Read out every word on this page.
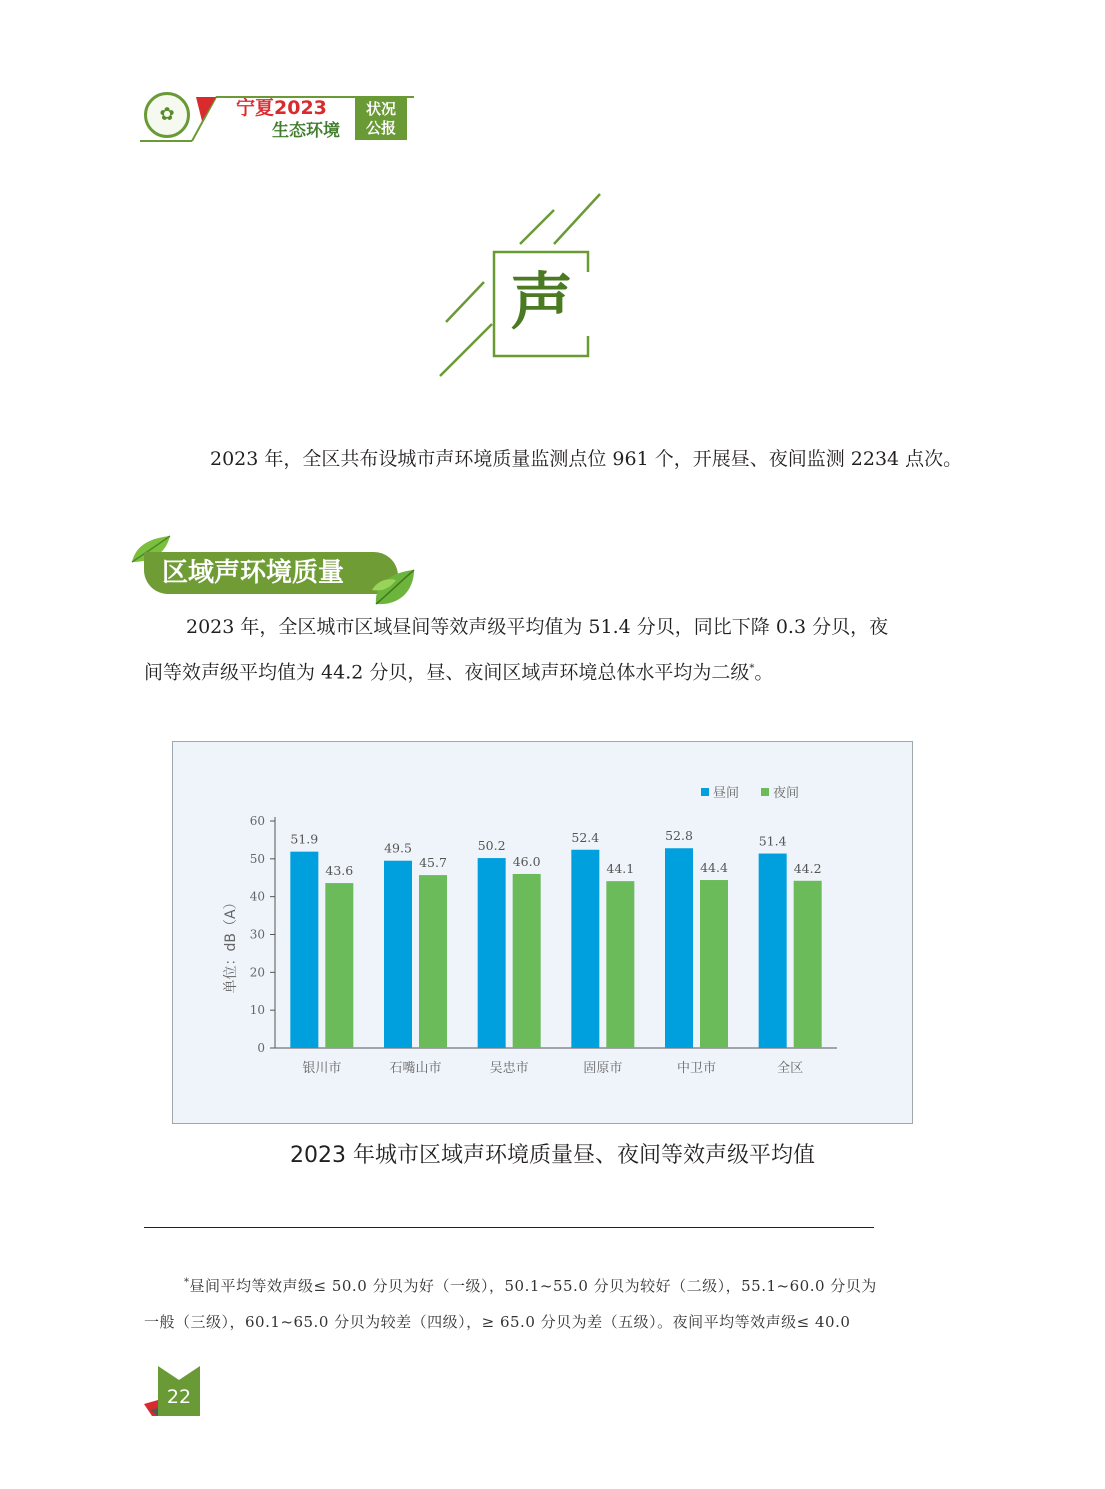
✿	宁夏2023
生态环境
状况
公报
声
2023 年，全区共布设城市声环境质量监测点位 961 个，开展昼、夜间监测 2234 点次。
区域声环境质量

2023 年，全区城市区域昼间等效声级平均值为 51.4 分贝，同比下降 0.3 分贝，夜

间等效声级平均值为 44.2 分贝，昼、夜间区域声环境总体水平均为二级*。

0
10
20
30
40
50
60
单位：dB（A）
51.9
43.6
银川市
49.5
45.7
石嘴山市
50.2
46.0
吴忠市
52.4
44.1
固原市
52.8
44.4
中卫市
51.4
44.2
全区
昼间	夜间
2023 年城市区域声环境质量昼、夜间等效声级平均值

*昼间平均等效声级≤ 50.0 分贝为好（一级），50.1~55.0 分贝为较好（二级），55.1~60.0 分贝为

一般（三级），60.1~65.0 分贝为较差（四级），≥ 65.0 分贝为差（五级）。夜间平均等效声级≤ 40.0

22
